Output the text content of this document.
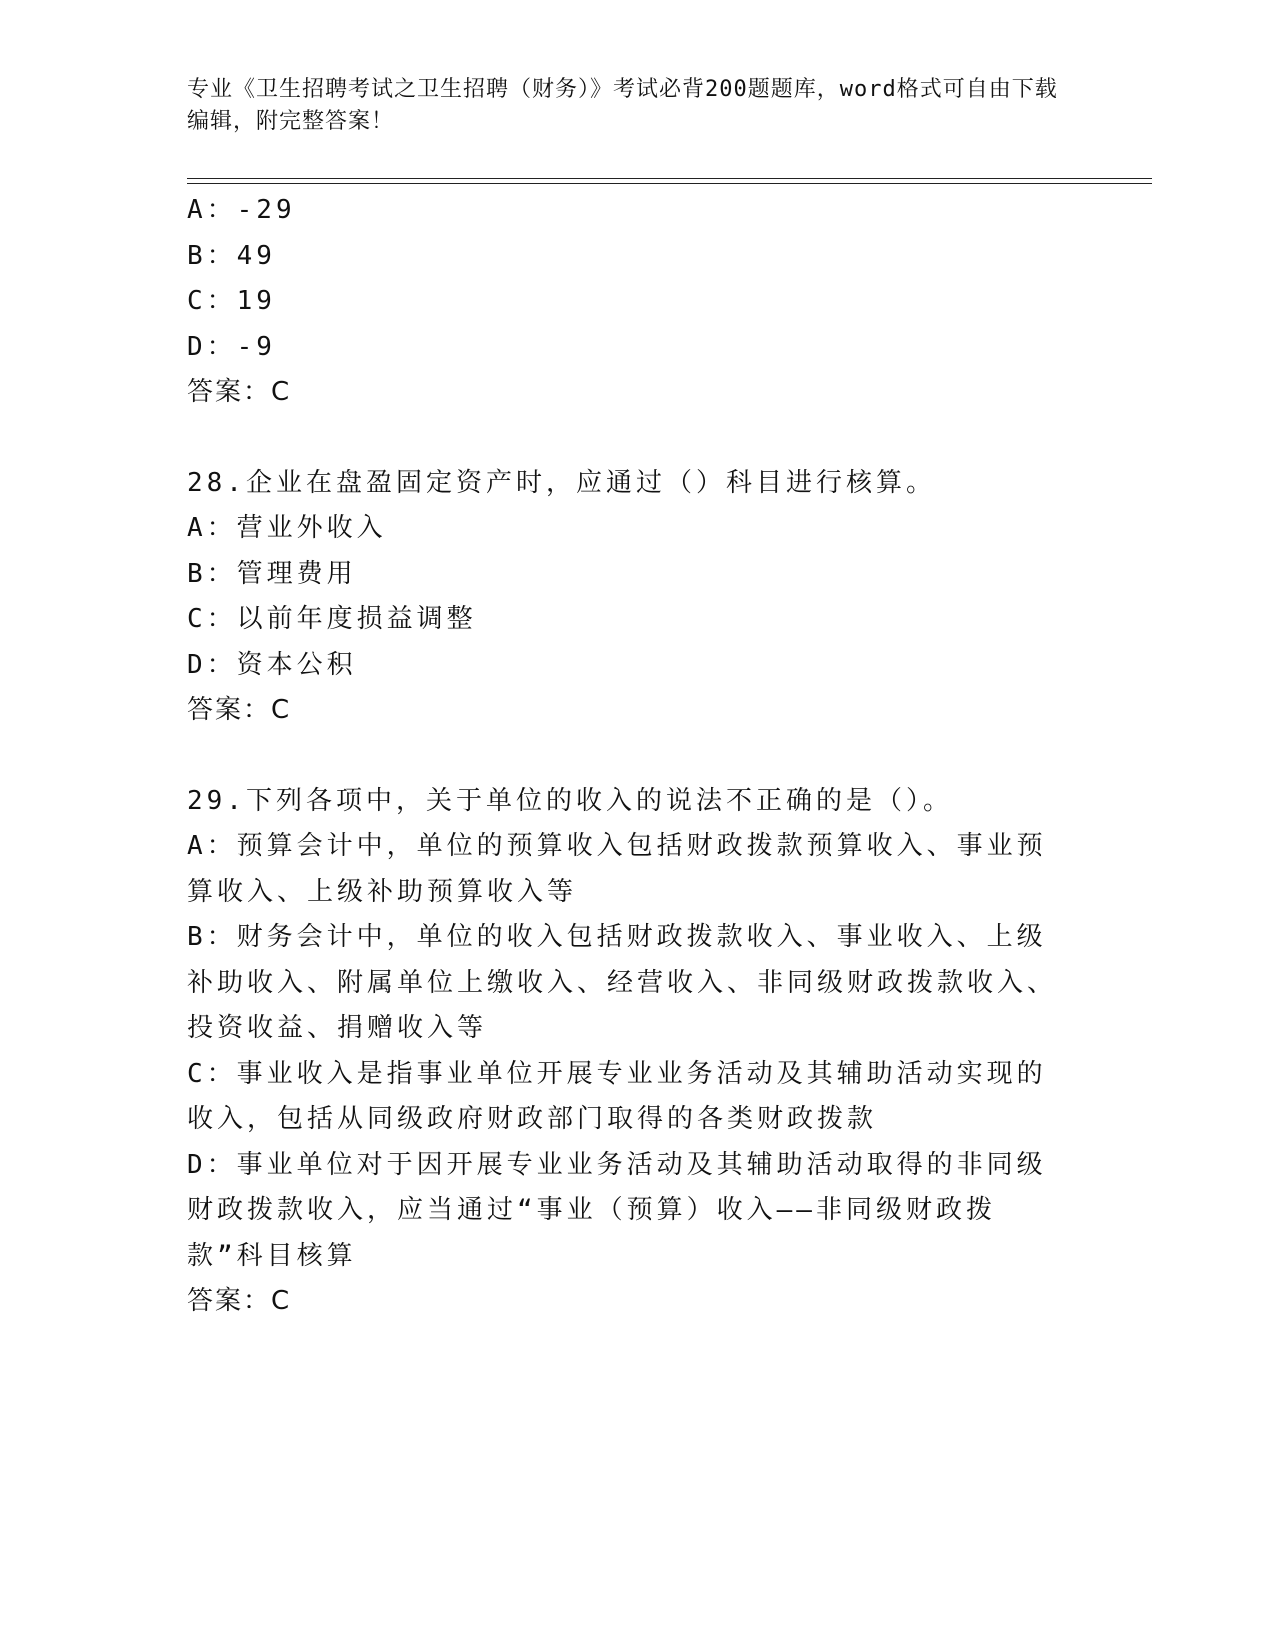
专业《卫生招聘考试之卫生招聘（财务）》考试必背200题题库，word格式可自由下载编辑，附完整答案！
A：-29
B：49
C：19
D：-9
答案：C
28.企业在盘盈固定资产时，应通过（）科目进行核算。
A：营业外收入
B：管理费用
C：以前年度损益调整
D：资本公积
答案：C
29.下列各项中，关于单位的收入的说法不正确的是（）。
A：预算会计中，单位的预算收入包括财政拨款预算收入、事业预算收入、上级补助预算收入等
B：财务会计中，单位的收入包括财政拨款收入、事业收入、上级补助收入、附属单位上缴收入、经营收入、非同级财政拨款收入、投资收益、捐赠收入等
C：事业收入是指事业单位开展专业业务活动及其辅助活动实现的收入，包括从同级政府财政部门取得的各类财政拨款
D：事业单位对于因开展专业业务活动及其辅助活动取得的非同级财政拨款收入，应当通过“事业（预算）收入——非同级财政拨款”科目核算
答案：C
